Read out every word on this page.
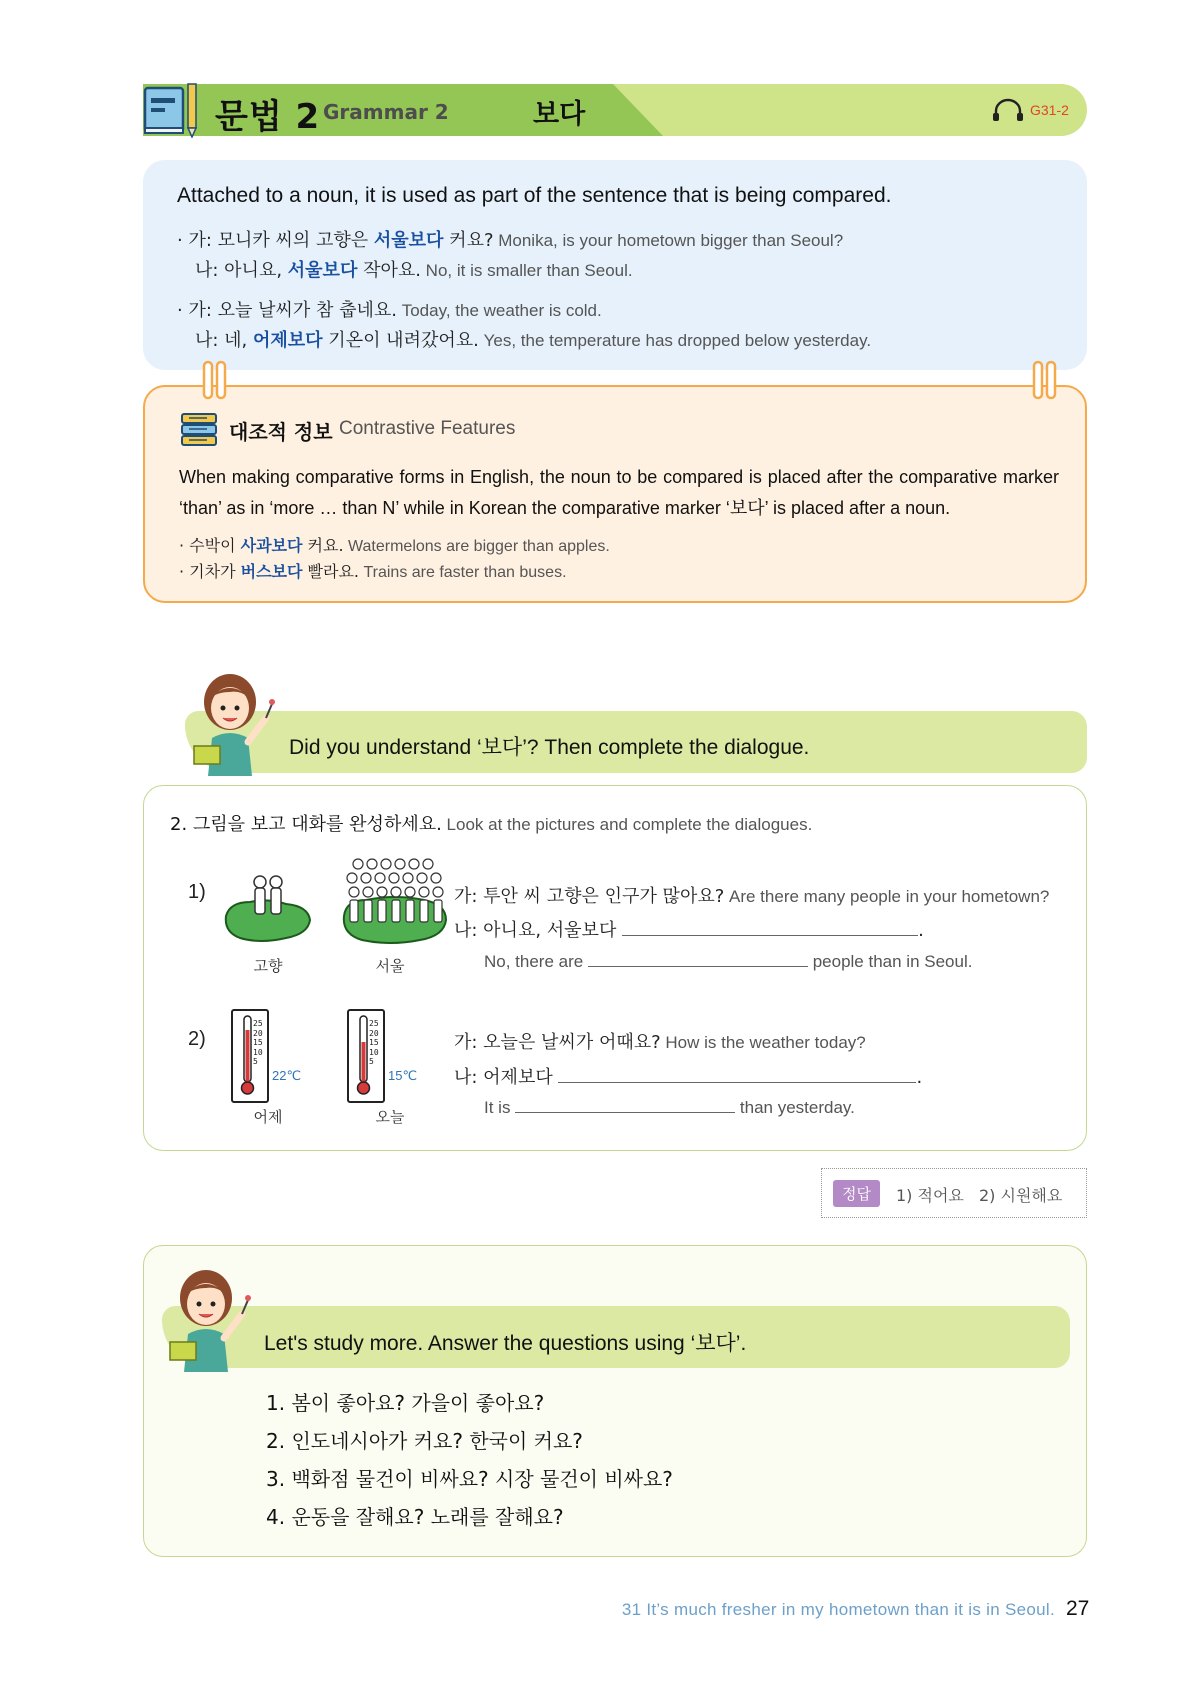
문법 2 Grammar 2	보다	G31-2
Attached to a noun, it is used as part of the sentence that is being compared.
· 가: 모니카 씨의 고향은 서울보다 커요? Monika, is your hometown bigger than Seoul?
나: 아니요, 서울보다 작아요. No, it is smaller than Seoul.
· 가: 오늘 날씨가 참 춥네요. Today, the weather is cold.
나: 네, 어제보다 기온이 내려갔어요. Yes, the temperature has dropped below yesterday.
대조적 정보 Contrastive Features
When making comparative forms in English, the noun to be compared is placed after the comparative marker ‘than’ as in ‘more … than N’ while in Korean the comparative marker ‘보다’ is placed after a noun.
· 수박이 사과보다 커요. Watermelons are bigger than apples.
· 기차가 버스보다 빨라요. Trains are faster than buses.
Did you understand ‘보다’? Then complete the dialogue.
2. 그림을 보고 대화를 완성하세요. Look at the pictures and complete the dialogues.
1)
고향	서울
가: 투안 씨 고향은 인구가 많아요? Are there many people in your hometown?
나: 아니요, 서울보다	.
No, there are	people than in Seoul.
2)
25
20
15
10
5
22℃
25
20
15
10
5
15℃
어제	오늘
가: 오늘은 날씨가 어때요? How is the weather today?
나: 어제보다	.
It is	than yesterday.
정답	1) 적어요 2) 시원해요
Let's study more. Answer the questions using ‘보다’.
1. 봄이 좋아요? 가을이 좋아요?
2. 인도네시아가 커요? 한국이 커요?
3. 백화점 물건이 비싸요? 시장 물건이 비싸요?
4. 운동을 잘해요? 노래를 잘해요?
31 It’s much fresher in my hometown than it is in Seoul. 27
